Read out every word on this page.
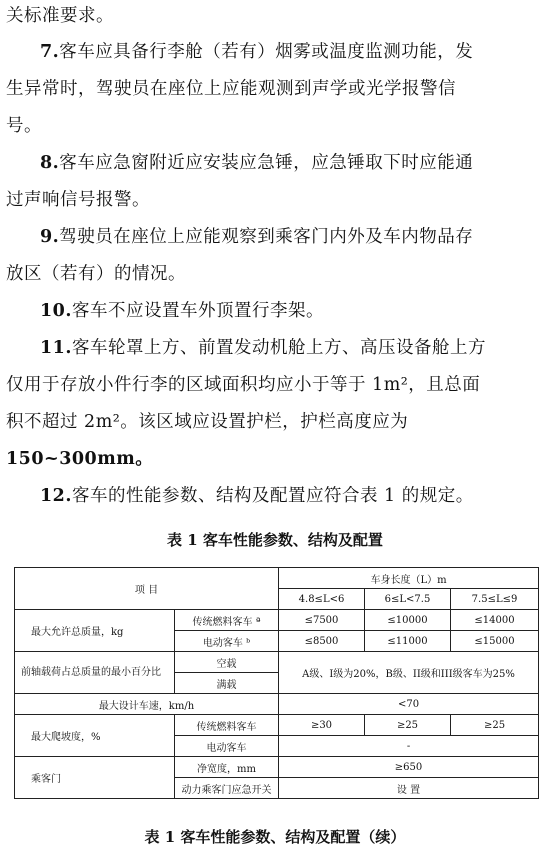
关标准要求。
7.客车应具备行李舱（若有）烟雾或温度监测功能，发
生异常时，驾驶员在座位上应能观测到声学或光学报警信
号。
8.客车应急窗附近应安装应急锤，应急锤取下时应能通
过声响信号报警。
9.驾驶员在座位上应能观察到乘客门内外及车内物品存
放区（若有）的情况。
10.客车不应设置车外顶置行李架。
11.客车轮罩上方、前置发动机舱上方、高压设备舱上方
仅用于存放小件行李的区域面积均应小于等于 1m²，且总面
积不超过 2m²。该区域应设置护栏，护栏高度应为
150~300mm。
12.客车的性能参数、结构及配置应符合表 1 的规定。
表 1 客车性能参数、结构及配置
项 目		车身长度（L）m		
		4.8≤L<6	6≤L<7.5	7.5≤L≤9
最大允许总质量，kg	传统燃料客车 ª	≤7500	≤10000	≤14000
	电动客车 ᵇ	≤8500	≤11000	≤15000
前轴载荷占总质量的最小百分比	空载	A级、I级为20%，B级、II级和III级客车为25%		
	满载			
最大设计车速，km/h		<70		
最大爬坡度，%	传统燃料客车	≥30	≥25	≥25
	电动客车	-		
乘客门	净宽度，mm	≥650		
	动力乘客门应急开关	设 置		
表 1 客车性能参数、结构及配置（续）
